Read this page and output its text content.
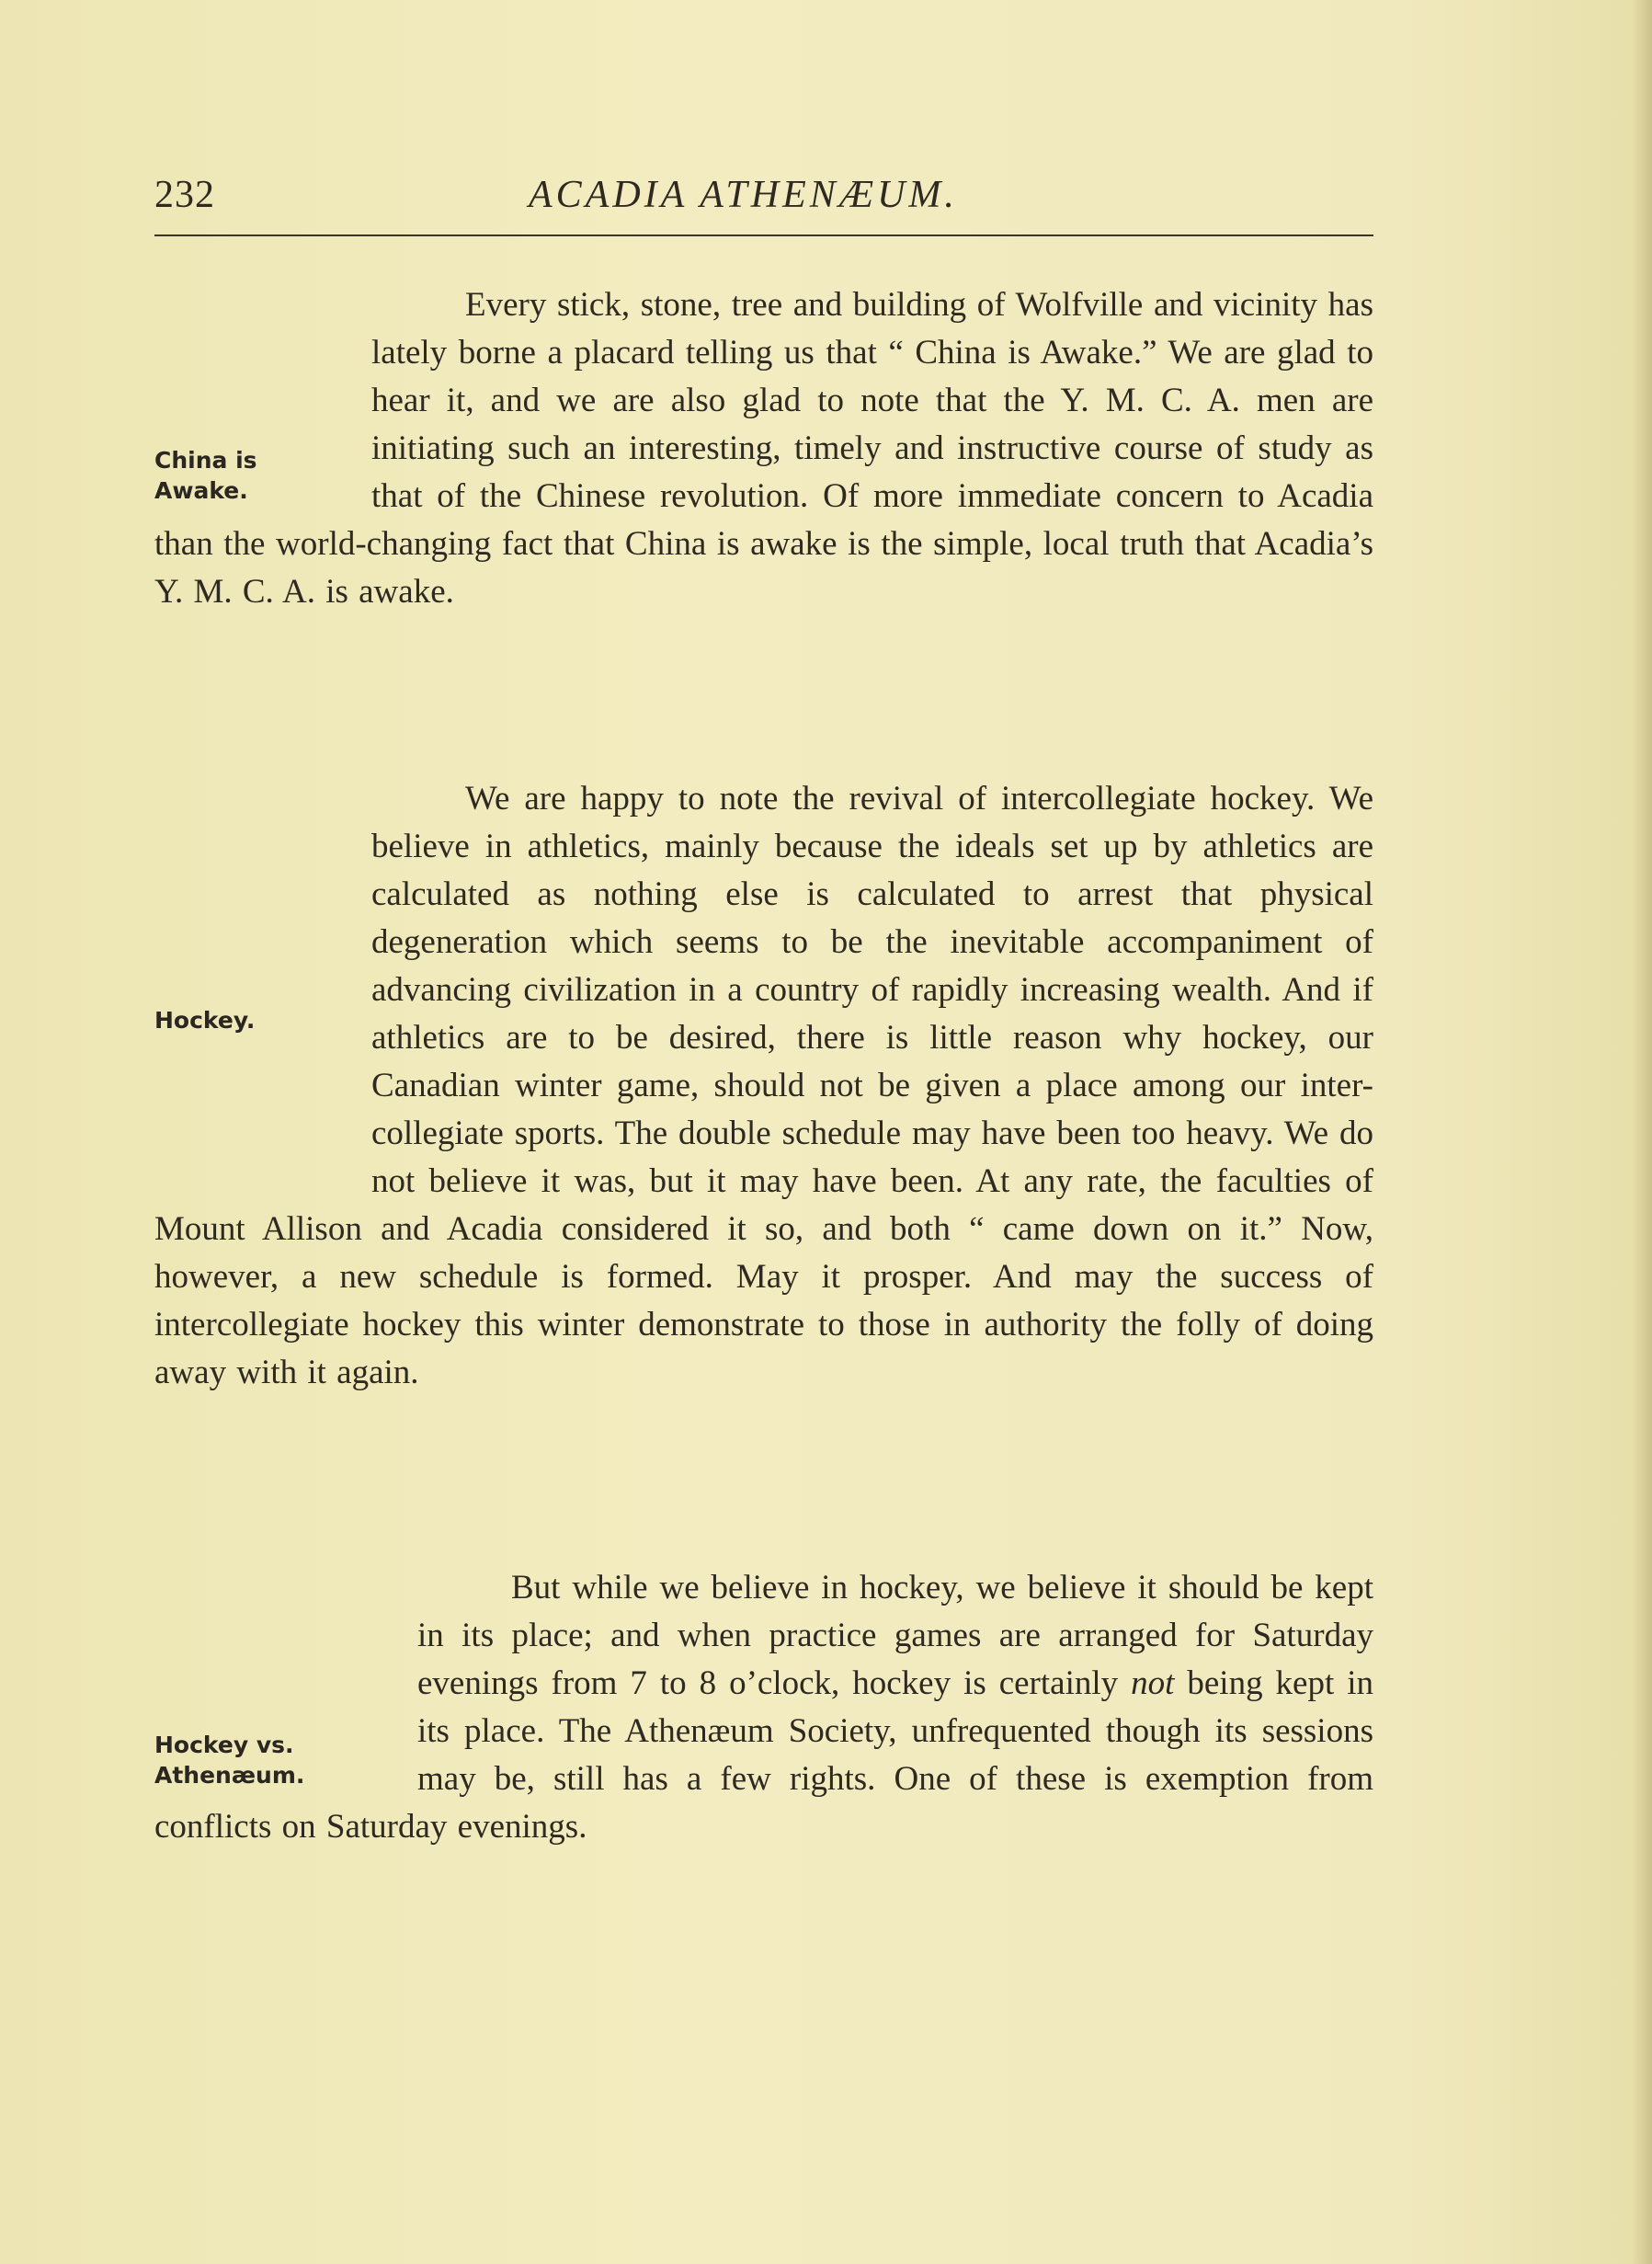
232	ACADIA ATHENÆUM.
China is
Awake.
Hockey.
Hockey vs.
Athenæum.

Every stick, stone, tree and building of Wolfville and vicinity has lately borne a placard telling us that “ China is Awake.” We are glad to hear it, and we are also glad to note that the Y. M. C. A. men are initiating such an interesting, timely and instructive course of study as that of the Chinese revolution. Of more immediate concern to Acadia than the world-changing fact that China is awake is the simple, local truth that Acadia’s Y. M. C. A. is awake.

We are happy to note the revival of intercollegiate hockey. We believe in athletics, mainly because the ideals set up by athletics are calculated as nothing else is calculated to arrest that physical degeneration which seems to be the inevitable accompaniment of advancing civilization in a country of rapidly increasing wealth. And if athletics are to be desired, there is little reason why hockey, our Canadian winter game, should not be given a place among our inter-collegiate sports. The double schedule may have been too heavy. We do not believe it was, but it may have been. At any rate, the faculties of Mount Allison and Acadia considered it so, and both “ came down on it.” Now, however, a new schedule is formed. May it prosper. And may the success of intercollegiate hockey this winter demonstrate to those in authority the folly of doing away with it again.

But while we believe in hockey, we believe it should be kept in its place; and when practice games are arranged for Saturday evenings from 7 to 8 o’clock, hockey is certainly not being kept in its place. The Athenæum Society, unfrequented though its sessions may be, still has a few rights. One of these is exemption from conflicts on Saturday evenings.
